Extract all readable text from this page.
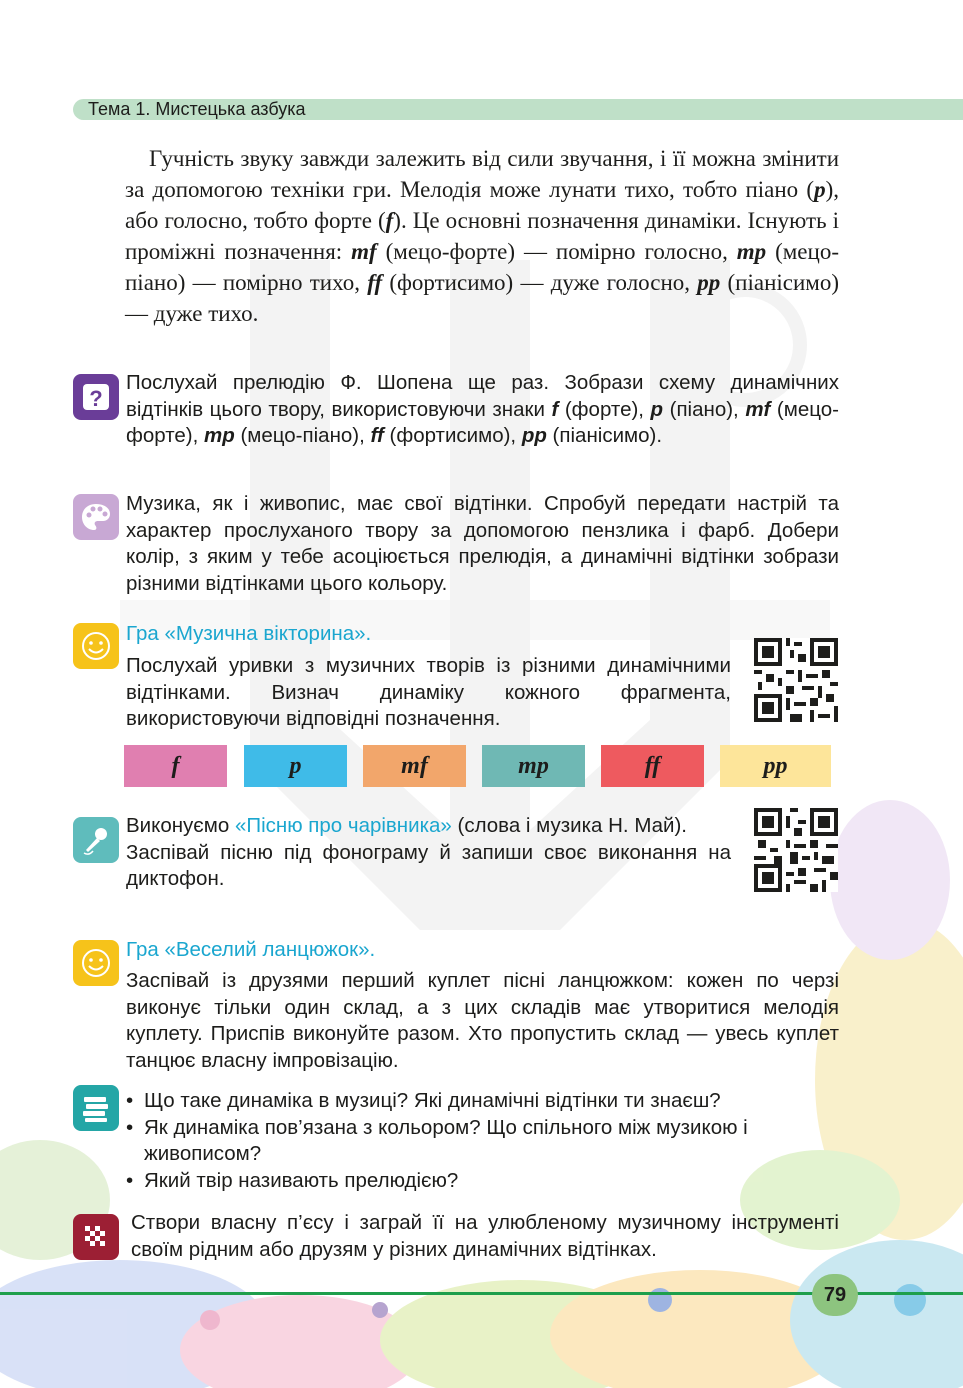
Тема 1. Мистецька азбука
Гучність звуку завжди залежить від сили звучання, і її можна змінити за допомогою техніки гри. Мелодія може лунати тихо, тобто піано (p), або голосно, тобто форте (f). Це основні позначення динаміки. Існують і проміжні позначення: mf (мецо-форте) — помірно голосно, mp (мецо-піано) — помірно тихо, ff (фортисимо) — дуже голосно, pp (піанісимо) — дуже тихо.
?
Послухай прелюдію Ф. Шопена ще раз. Зобрази схему динамічних відтінків цього твору, використовуючи знаки f (форте), p (піано), mf (мецо-форте), mp (мецо-піано), ff (фортисимо), pp (піанісимо).
Музика, як і живопис, має свої відтінки. Спробуй передати настрій та характер прослуханого твору за допомогою пензлика і фарб. Добери колір, з яким у тебе асоціюється прелюдія, а динамічні відтінки зобрази різними відтінками цього кольору.
Гра «Музична вікторина».
Послухай уривки з музичних творів із різними динамічними відтінками. Визнач динаміку кожного фрагмента, використовуючи відповідні позначення.
f	p	mf	mp	ff	pp
Виконуємо «Пісню про чарівника» (слова і музика Н. Май).
Заспівай пісню під фонограму й запиши своє виконання на диктофон.
Гра «Веселий ланцюжок».
Заспівай із друзями перший куплет пісні ланцюжком: кожен по черзі виконує тільки один склад, а з цих складів має утворитися мелодія куплету. Приспів виконуйте разом. Хто пропустить склад — увесь куплет танцює власну імпровізацію.
• Що таке динаміка в музиці? Які динамічні відтінки ти знаєш?
• Як динаміка пов’язана з кольором? Що спільного між музикою і живописом?
• Який твір називають прелюдією?
Створи власну п’єсу і заграй її на улюбленому музичному інструменті своїм рідним або друзям у різних динамічних відтінках.
79
